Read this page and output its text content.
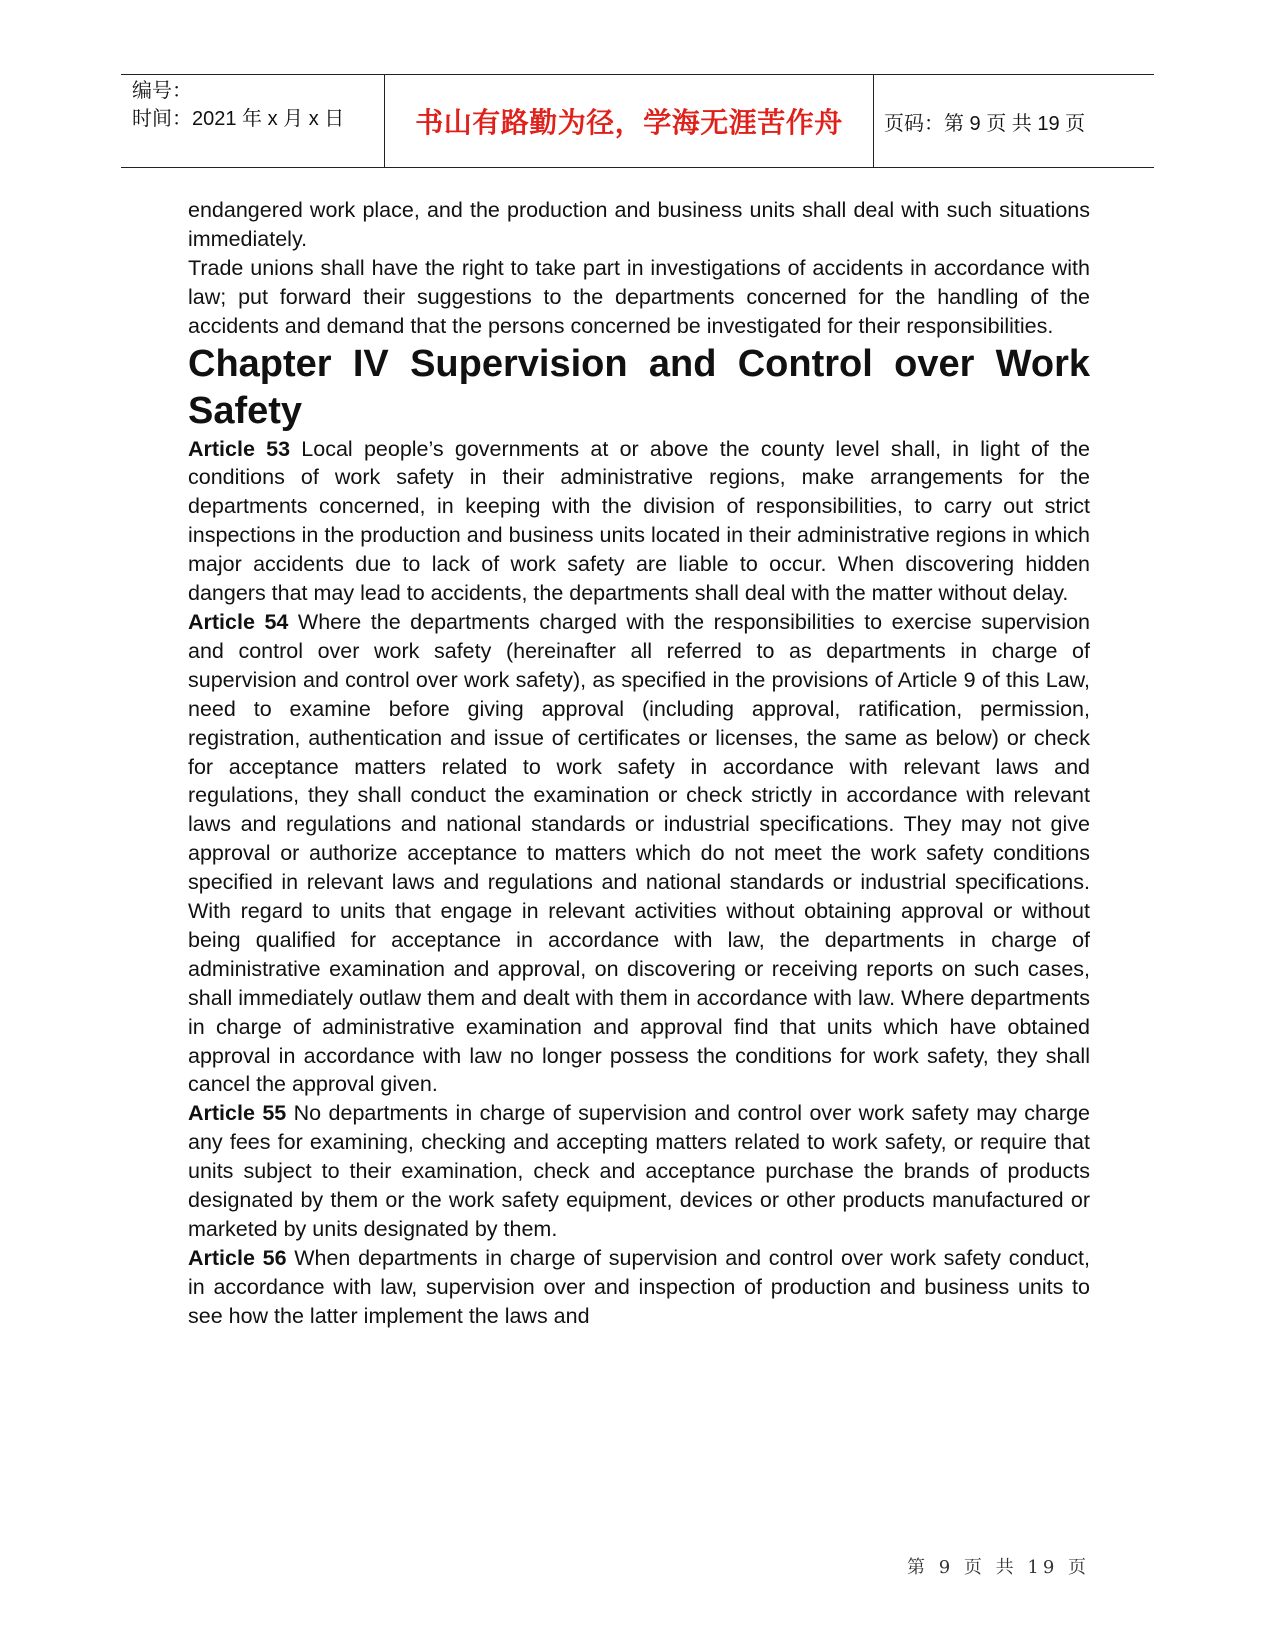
编号：
时间：2021 年 x 月 x 日	书山有路勤为径，学海无涯苦作舟 页码：第 9 页 共 19 页

endangered work place, and the production and business units shall deal with such situations immediately.

Trade unions shall have the right to take part in investigations of accidents in accordance with law; put forward their suggestions to the departments concerned for the handling of the accidents and demand that the persons concerned be investigated for their responsibilities.

Chapter IV Supervision and Control over Work Safety

Article 53 Local people’s governments at or above the county level shall, in light of the conditions of work safety in their administrative regions, make arrangements for the departments concerned, in keeping with the division of responsibilities, to carry out strict inspections in the production and business units located in their administrative regions in which major accidents due to lack of work safety are liable to occur. When discovering hidden dangers that may lead to accidents, the departments shall deal with the matter without delay.

Article 54 Where the departments charged with the responsibilities to exercise supervision and control over work safety (hereinafter all referred to as departments in charge of supervision and control over work safety), as specified in the provisions of Article 9 of this Law, need to examine before giving approval (including approval, ratification, permission, registration, authentication and issue of certificates or licenses, the same as below) or check for acceptance matters related to work safety in accordance with relevant laws and regulations, they shall conduct the examination or check strictly in accordance with relevant laws and regulations and national standards or industrial specifications. They may not give approval or authorize acceptance to matters which do not meet the work safety conditions specified in relevant laws and regulations and national standards or industrial specifications. With regard to units that engage in relevant activities without obtaining approval or without being qualified for acceptance in accordance with law, the departments in charge of administrative examination and approval, on discovering or receiving reports on such cases, shall immediately outlaw them and dealt with them in accordance with law. Where departments in charge of administrative examination and approval find that units which have obtained approval in accordance with law no longer possess the conditions for work safety, they shall cancel the approval given.

Article 55 No departments in charge of supervision and control over work safety may charge any fees for examining, checking and accepting matters related to work safety, or require that units subject to their examination, check and acceptance purchase the brands of products designated by them or the work safety equipment, devices or other products manufactured or marketed by units designated by them.

Article 56 When departments in charge of supervision and control over work safety conduct, in accordance with law, supervision over and inspection of production and business units to see how the latter implement the laws and

第 9 页 共 19 页
